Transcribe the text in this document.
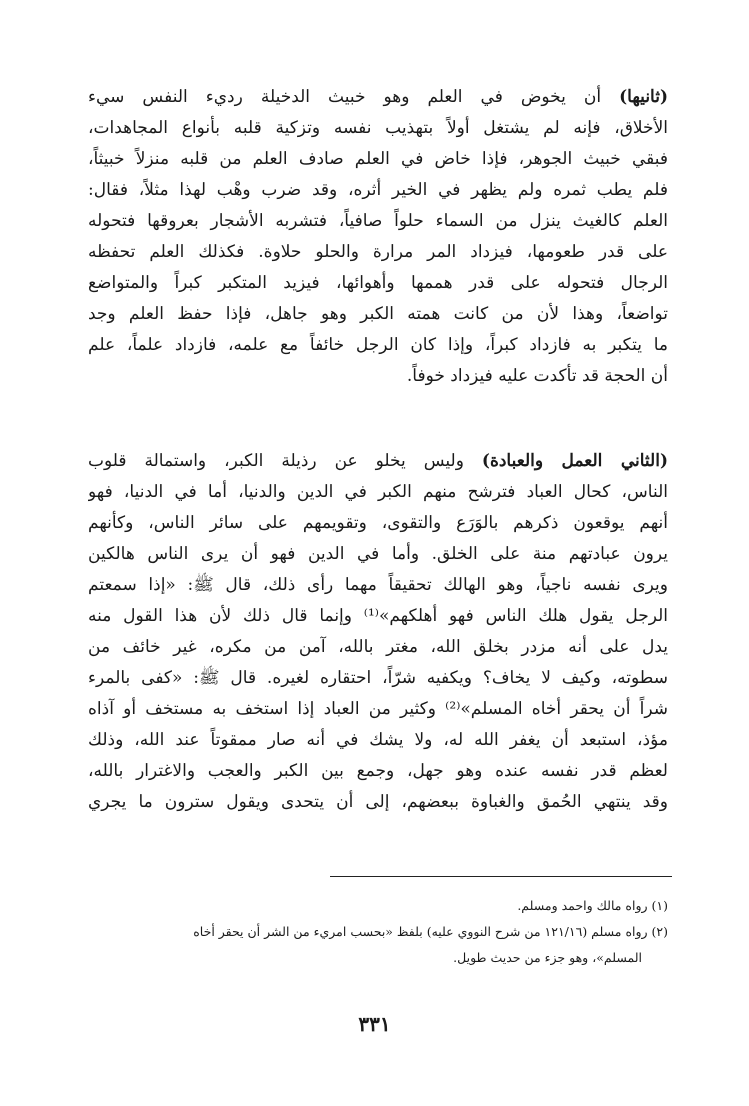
(ثانيها) أن يخوض في العلم وهو خبيث الدخيلة رديء النفس سيء
الأخلاق، فإنه لم يشتغل أولاً بتهذيب نفسه وتزكية قلبه بأنواع المجاهدات،
فبقي خبيث الجوهر، فإذا خاض في العلم صادف العلم من قلبه منزلاً خبيثاً،
فلم يطب ثمره ولم يظهر في الخير أثره، وقد ضرب وهْب لهذا مثلاً، فقال:
العلم كالغيث ينزل من السماء حلواً صافياً، فتشربه الأشجار بعروقها فتحوله
على قدر طعومها، فيزداد المر مرارة والحلو حلاوة. فكذلك العلم تحفظه
الرجال فتحوله على قدر هممها وأهوائها، فيزيد المتكبر كبراً والمتواضع
تواضعاً، وهذا لأن من كانت همته الكبر وهو جاهل، فإذا حفظ العلم وجد
ما يتكبر به فازداد كبراً، وإذا كان الرجل خائفاً مع علمه، فازداد علماً، علم
أن الحجة قد تأكدت عليه فيزداد خوفاً.
(الثاني العمل والعبادة) وليس يخلو عن رذيلة الكبر، واستمالة قلوب
الناس، كحال العباد فترشح منهم الكبر في الدين والدنيا، أما في الدنيا، فهو
أنهم يوقعون ذكرهم بالوَرَع والتقوى، وتقويمهم على سائر الناس، وكأنهم
يرون عبادتهم منة على الخلق. وأما في الدين فهو أن يرى الناس هالكين
ويرى نفسه ناجياً، وهو الهالك تحقيقاً مهما رأى ذلك، قال ﷺ: «إذا سمعتم
الرجل يقول هلك الناس فهو أهلكهم»⁽¹⁾ وإنما قال ذلك لأن هذا القول منه
يدل على أنه مزدر بخلق الله، مغتر بالله، آمن من مكره، غير خائف من
سطوته، وكيف لا يخاف؟ ويكفيه شرّاً، احتقاره لغيره. قال ﷺ: «كفى بالمرء
شراً أن يحقر أخاه المسلم»⁽²⁾ وكثير من العباد إذا استخف به مستخف أو آذاه
مؤذ، استبعد أن يغفر الله له، ولا يشك في أنه صار ممقوتاً عند الله، وذلك
لعظم قدر نفسه عنده وهو جهل، وجمع بين الكبر والعجب والاغترار بالله،
وقد ينتهي الحُمق والغباوة ببعضهم، إلى أن يتحدى ويقول سترون ما يجري
(١) رواه مالك واحمد ومسلم.
(٢) رواه مسلم (١٢١/١٦ من شرح النووي عليه) بلفظ «بحسب امريء من الشر أن يحقر أخاه
المسلم»، وهو جزء من حديث طويل.
٣٣١
